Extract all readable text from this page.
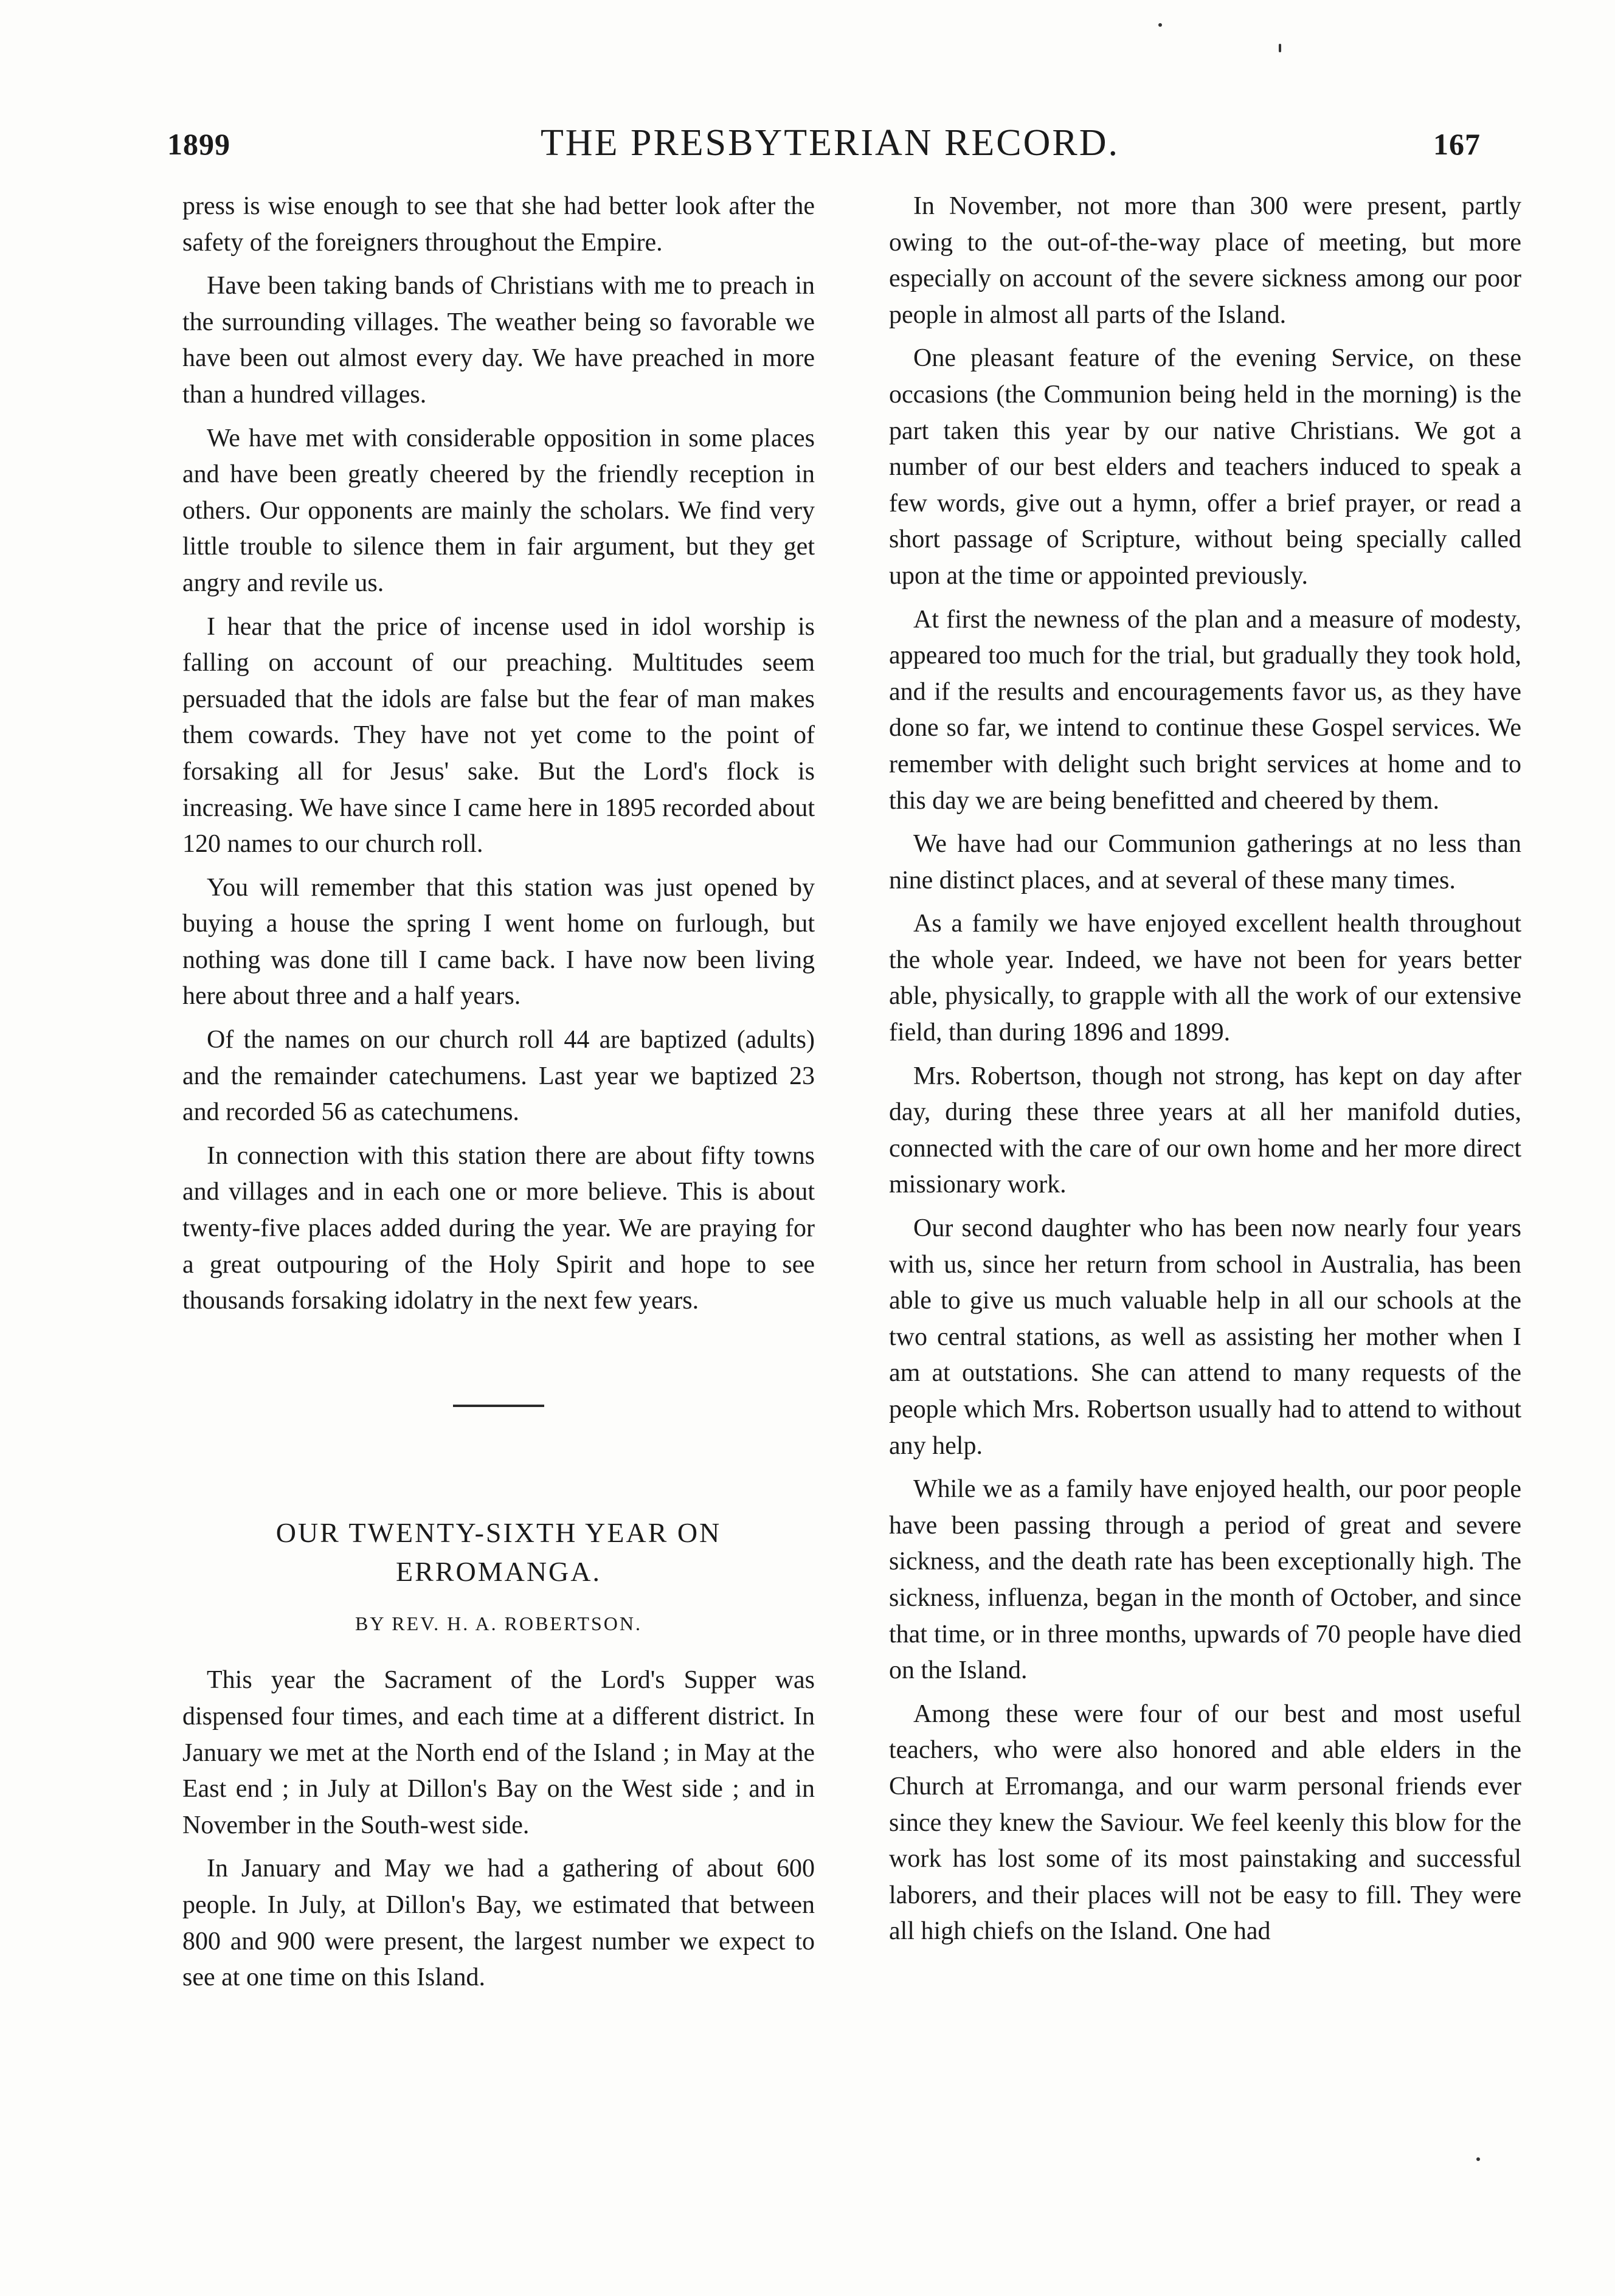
1899	THE PRESBYTERIAN RECORD.	167

press is wise enough to see that she had better look after the safety of the foreigners throughout the Empire.

Have been taking bands of Christians with me to preach in the surrounding villages. The weather being so favorable we have been out almost every day. We have preached in more than a hundred villages.

We have met with considerable opposition in some places and have been greatly cheered by the friendly reception in others. Our opponents are mainly the scholars. We find very little trouble to silence them in fair argument, but they get angry and revile us.

I hear that the price of incense used in idol worship is falling on account of our preaching. Multitudes seem persuaded that the idols are false but the fear of man makes them cowards. They have not yet come to the point of forsaking all for Jesus' sake. But the Lord's flock is increasing. We have since I came here in 1895 recorded about 120 names to our church roll.

You will remember that this station was just opened by buying a house the spring I went home on furlough, but nothing was done till I came back. I have now been living here about three and a half years.

Of the names on our church roll 44 are baptized (adults) and the remainder catechumens. Last year we baptized 23 and recorded 56 as catechumens.

In connection with this station there are about fifty towns and villages and in each one or more believe. This is about twenty-five places added during the year. We are praying for a great outpouring of the Holy Spirit and hope to see thousands forsaking idolatry in the next few years.

OUR TWENTY-SIXTH YEAR ON ERROMANGA.
BY REV. H. A. ROBERTSON.

This year the Sacrament of the Lord's Supper was dispensed four times, and each time at a different district. In January we met at the North end of the Island ; in May at the East end ; in July at Dillon's Bay on the West side ; and in November in the South-west side.

In January and May we had a gathering of about 600 people. In July, at Dillon's Bay, we estimated that between 800 and 900 were present, the largest number we expect to see at one time on this Island.

In November, not more than 300 were present, partly owing to the out-of-the-way place of meeting, but more especially on account of the severe sickness among our poor people in almost all parts of the Island.

One pleasant feature of the evening Service, on these occasions (the Communion being held in the morning) is the part taken this year by our native Christians. We got a number of our best elders and teachers induced to speak a few words, give out a hymn, offer a brief prayer, or read a short passage of Scripture, without being specially called upon at the time or appointed previously.

At first the newness of the plan and a measure of modesty, appeared too much for the trial, but gradually they took hold, and if the results and encouragements favor us, as they have done so far, we intend to continue these Gospel services. We remember with delight such bright services at home and to this day we are being benefitted and cheered by them.

We have had our Communion gatherings at no less than nine distinct places, and at several of these many times.

As a family we have enjoyed excellent health throughout the whole year. Indeed, we have not been for years better able, physically, to grapple with all the work of our extensive field, than during 1896 and 1899.

Mrs. Robertson, though not strong, has kept on day after day, during these three years at all her manifold duties, connected with the care of our own home and her more direct missionary work.

Our second daughter who has been now nearly four years with us, since her return from school in Australia, has been able to give us much valuable help in all our schools at the two central stations, as well as assisting her mother when I am at outstations. She can attend to many requests of the people which Mrs. Robertson usually had to attend to without any help.

While we as a family have enjoyed health, our poor people have been passing through a period of great and severe sickness, and the death rate has been exceptionally high. The sickness, influenza, began in the month of October, and since that time, or in three months, upwards of 70 people have died on the Island.

Among these were four of our best and most useful teachers, who were also honored and able elders in the Church at Erromanga, and our warm personal friends ever since they knew the Saviour. We feel keenly this blow for the work has lost some of its most painstaking and successful laborers, and their places will not be easy to fill. They were all high chiefs on the Island. One had
